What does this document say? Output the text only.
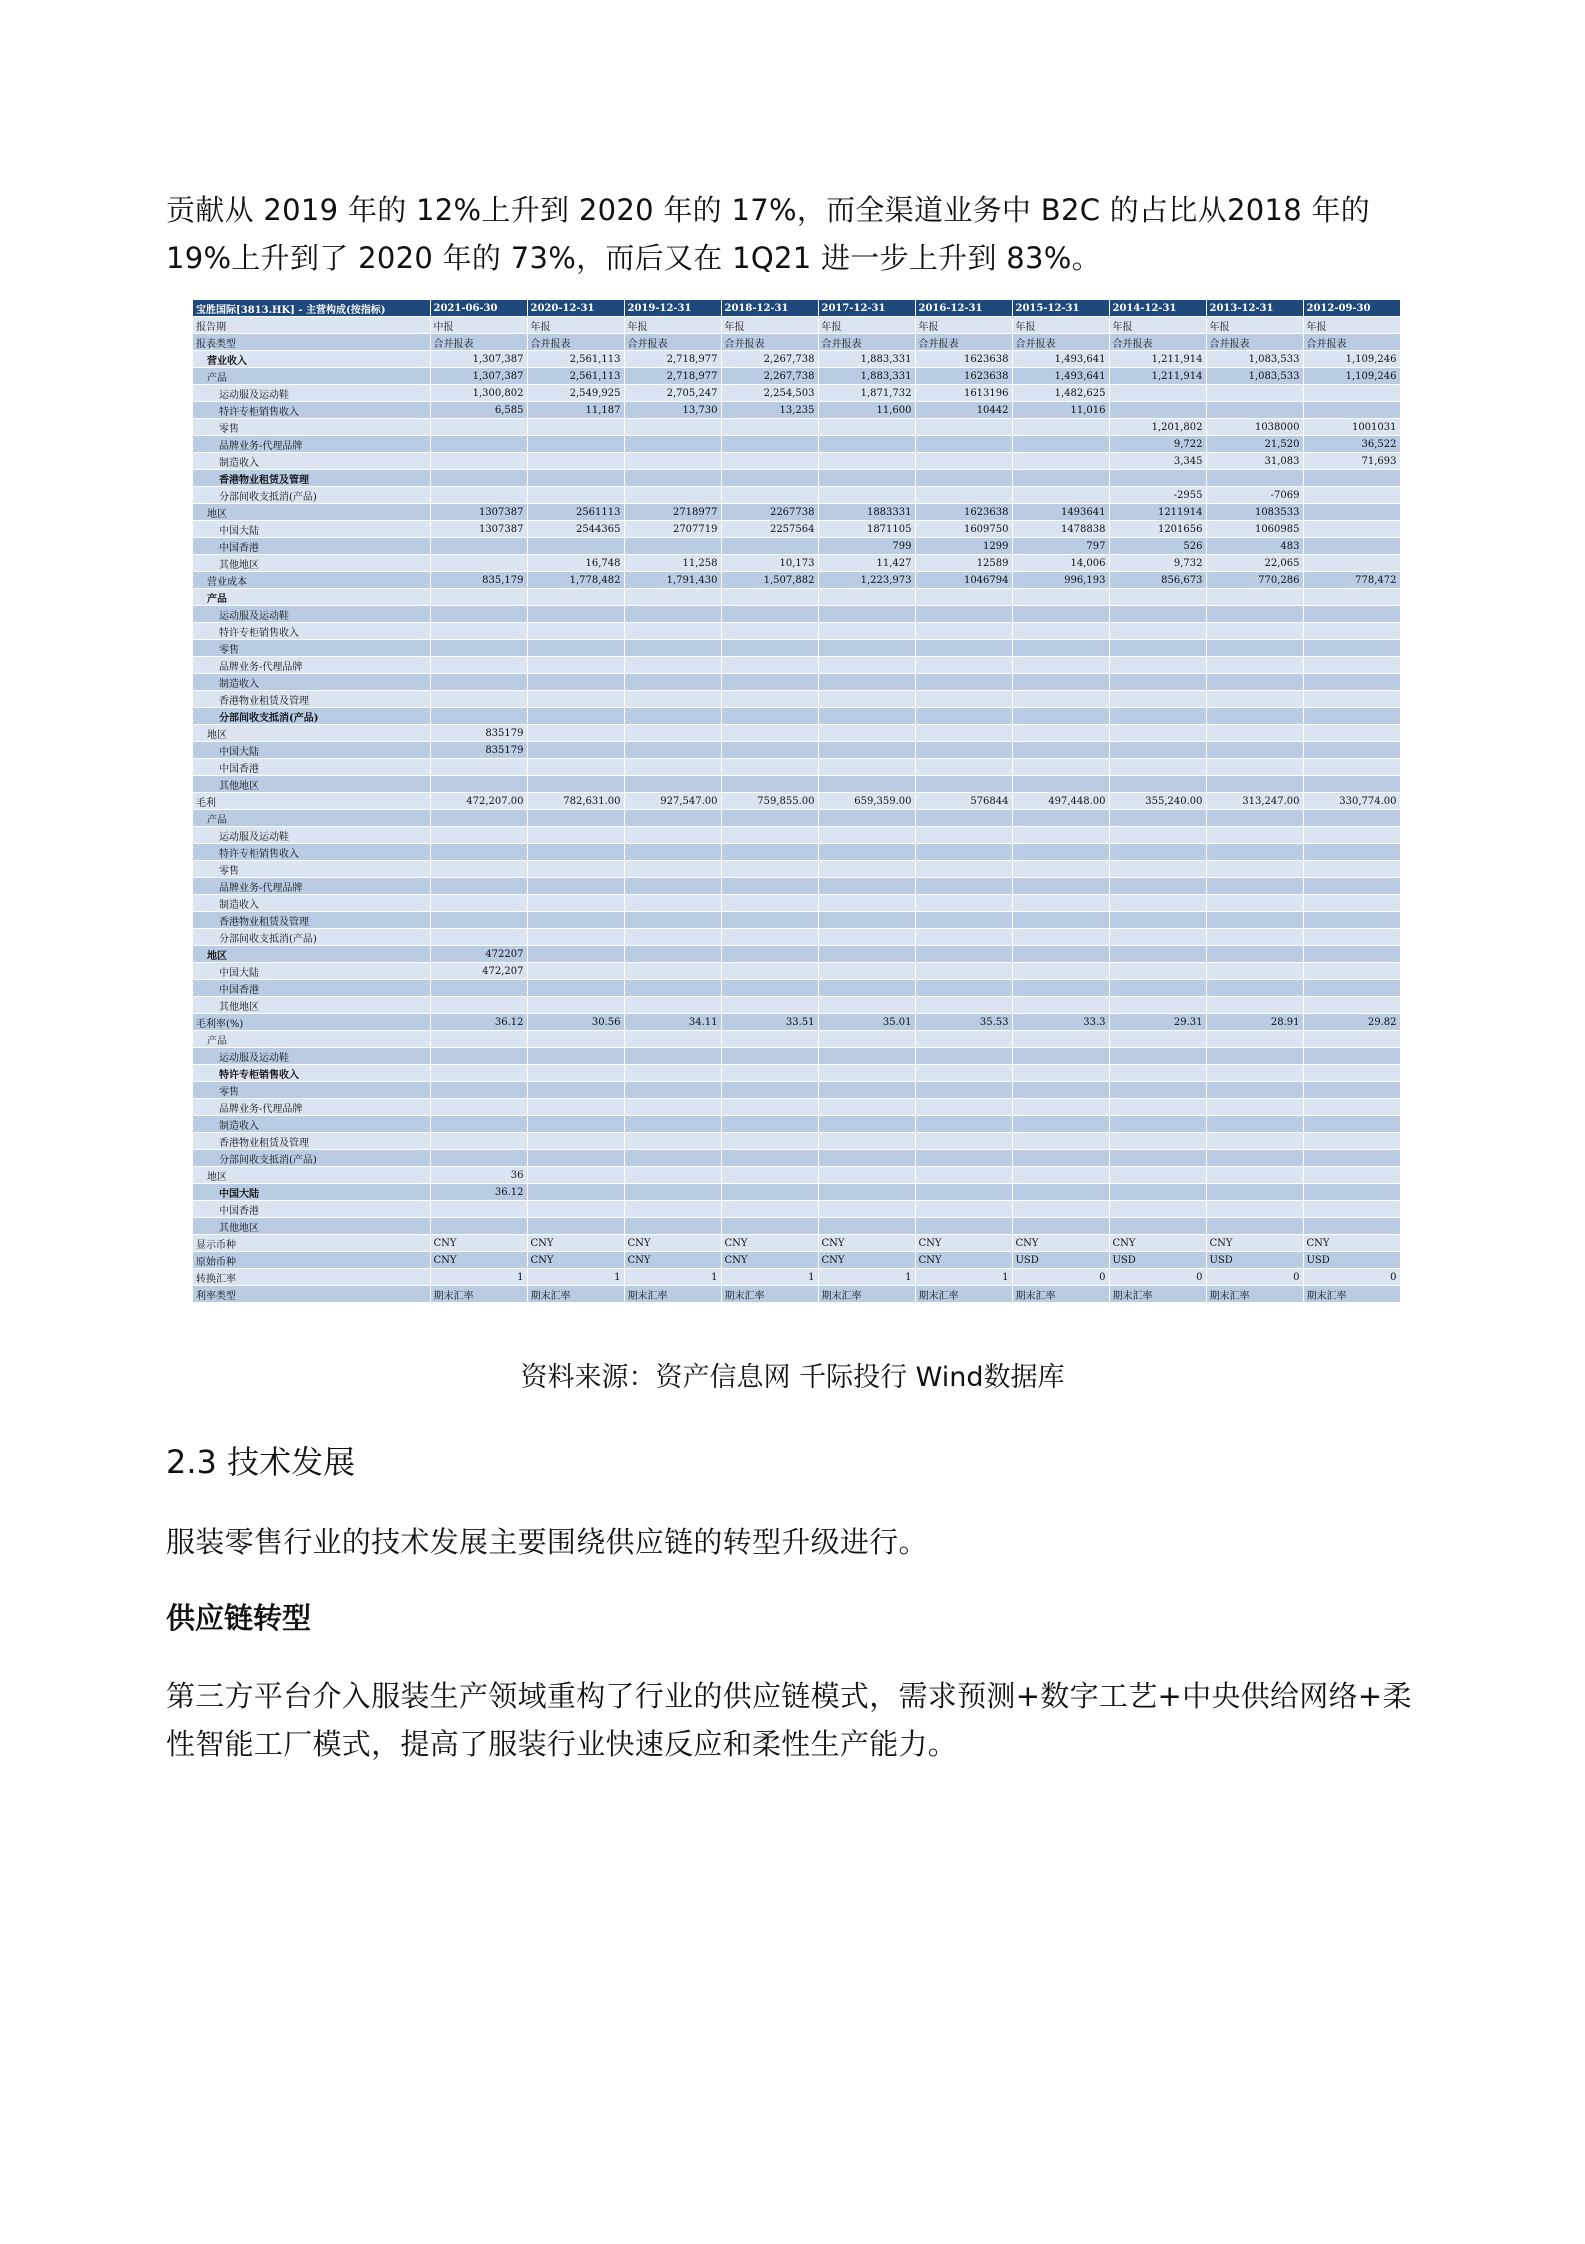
贡献从 2019 年的 12%上升到 2020 年的 17%，而全渠道业务中 B2C 的占比从2018 年的19%上升到了 2020 年的 73%，而后又在 1Q21 进一步上升到 83%。
宝胜国际[3813.HK] - 主营构成(按指标)	2021-06-30	2020-12-31	2019-12-31	2018-12-31	2017-12-31	2016-12-31	2015-12-31	2014-12-31	2013-12-31	2012-09-30
报告期	中报	年报	年报	年报	年报	年报	年报	年报	年报	年报
报表类型	合并报表	合并报表	合并报表	合并报表	合并报表	合并报表	合并报表	合并报表	合并报表	合并报表
营业收入	1,307,387	2,561,113	2,718,977	2,267,738	1,883,331	1623638	1,493,641	1,211,914	1,083,533	1,109,246
产品	1,307,387	2,561,113	2,718,977	2,267,738	1,883,331	1623638	1,493,641	1,211,914	1,083,533	1,109,246
运动服及运动鞋	1,300,802	2,549,925	2,705,247	2,254,503	1,871,732	1613196	1,482,625			
特许专柜销售收入	6,585	11,187	13,730	13,235	11,600	10442	11,016			
零售								1,201,802	1038000	1001031
品牌业务-代理品牌								9,722	21,520	36,522
制造收入								3,345	31,083	71,693
香港物业租赁及管理										
分部间收支抵消(产品)								-2955	-7069	
地区	1307387	2561113	2718977	2267738	1883331	1623638	1493641	1211914	1083533	
中国大陆	1307387	2544365	2707719	2257564	1871105	1609750	1478838	1201656	1060985	
中国香港					799	1299	797	526	483	
其他地区		16,748	11,258	10,173	11,427	12589	14,006	9,732	22,065	
营业成本	835,179	1,778,482	1,791,430	1,507,882	1,223,973	1046794	996,193	856,673	770,286	778,472
产品										
运动服及运动鞋										
特许专柜销售收入										
零售										
品牌业务-代理品牌										
制造收入										
香港物业租赁及管理										
分部间收支抵消(产品)										
地区	835179									
中国大陆	835179									
中国香港										
其他地区										
毛利	472,207.00	782,631.00	927,547.00	759,855.00	659,359.00	576844	497,448.00	355,240.00	313,247.00	330,774.00
产品										
运动服及运动鞋										
特许专柜销售收入										
零售										
品牌业务-代理品牌										
制造收入										
香港物业租赁及管理										
分部间收支抵消(产品)										
地区	472207									
中国大陆	472,207									
中国香港										
其他地区										
毛利率(%)	36.12	30.56	34.11	33.51	35.01	35.53	33.3	29.31	28.91	29.82
产品										
运动服及运动鞋										
特许专柜销售收入										
零售										
品牌业务-代理品牌										
制造收入										
香港物业租赁及管理										
分部间收支抵消(产品)										
地区	36									
中国大陆	36.12									
中国香港										
其他地区										
显示币种	CNY	CNY	CNY	CNY	CNY	CNY	CNY	CNY	CNY	CNY
原始币种	CNY	CNY	CNY	CNY	CNY	CNY	USD	USD	USD	USD
转换汇率	1	1	1	1	1	1	0	0	0	0
利率类型	期末汇率	期末汇率	期末汇率	期末汇率	期末汇率	期末汇率	期末汇率	期末汇率	期末汇率	期末汇率
资料来源：资产信息网 千际投行 Wind数据库
2.3 技术发展
服装零售行业的技术发展主要围绕供应链的转型升级进行。
供应链转型
第三方平台介入服装生产领域重构了行业的供应链模式，需求预测+数字工艺+中央供给网络+柔性智能工厂模式，提高了服装行业快速反应和柔性生产能力。
